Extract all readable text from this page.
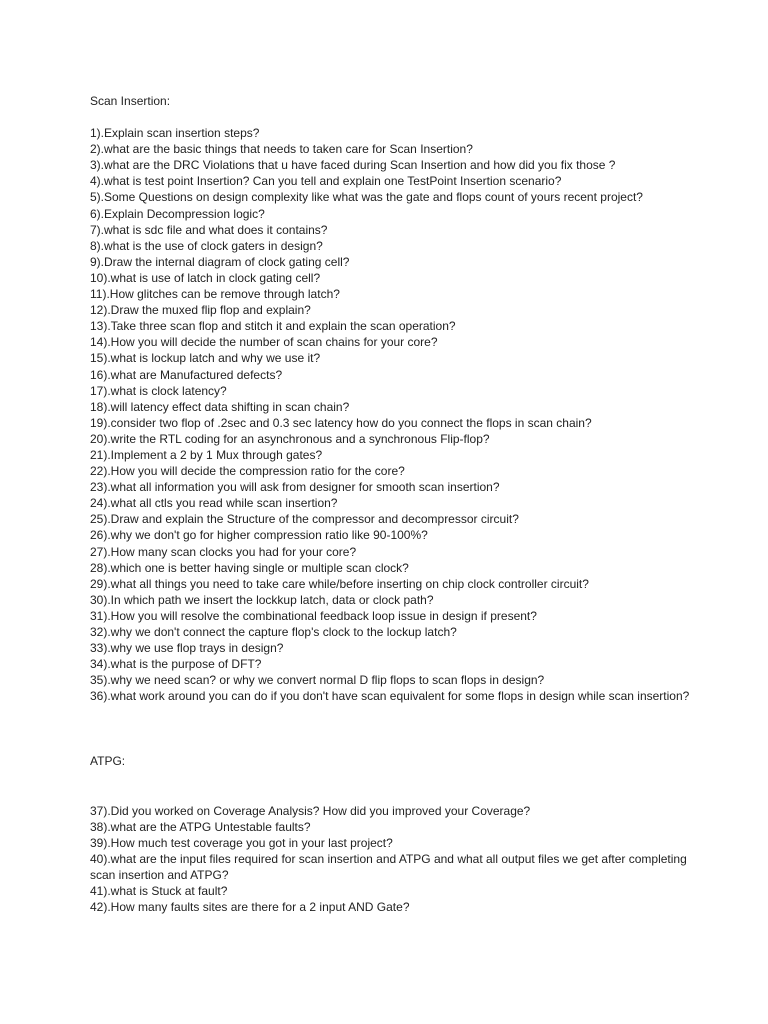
Scan Insertion:
1).Explain scan insertion steps?
2).what are the basic things that needs to taken care for Scan Insertion?
3).what are the DRC Violations that u have faced during Scan Insertion and how did you fix those ?
4).what is test point Insertion? Can you tell and explain one TestPoint Insertion scenario?
5).Some Questions on design complexity like what was the gate and flops count of yours recent project?
6).Explain Decompression logic?
7).what is sdc file and what does it contains?
8).what is the use of clock gaters in design?
9).Draw the internal diagram of clock gating cell?
10).what is use of latch in clock gating cell?
11).How glitches can be remove through latch?
12).Draw the muxed flip flop and explain?
13).Take three scan flop and stitch it and explain the scan operation?
14).How you will decide the number of scan chains for your core?
15).what is lockup latch and why we use it?
16).what are Manufactured defects?
17).what is clock latency?
18).will latency effect data shifting in scan chain?
19).consider two flop of .2sec and 0.3 sec latency how do you connect the flops in scan chain?
20).write the RTL coding for an asynchronous and a synchronous Flip-flop?
21).Implement a 2 by 1 Mux through gates?
22).How you will decide the compression ratio for the core?
23).what all information you will ask from designer for smooth scan insertion?
24).what all ctls you read while scan insertion?
25).Draw and explain the Structure of the compressor and decompressor circuit?
26).why we don't go for higher compression ratio like 90-100%?
27).How many scan clocks you had for your core?
28).which one is better having single or multiple scan clock?
29).what all things you need to take care while/before inserting on chip clock controller circuit?
30).In which path we insert the lockkup latch, data or clock path?
31).How you will resolve the combinational feedback loop issue in design if present?
32).why we don't connect the capture flop's clock to the lockup latch?
33).why we use flop trays in design?
34).what is the purpose of DFT?
35).why we need scan? or why we convert normal D flip flops to scan flops in design?
36).what work around you can do if you don't have scan equivalent for some flops in design while scan insertion?
ATPG:
37).Did you worked on Coverage Analysis? How did you improved your Coverage?
38).what are the ATPG Untestable faults?
39).How much test coverage you got in your last project?
40).what are the input files required for scan insertion and ATPG and what all output files we get after completing scan insertion and ATPG?
41).what is Stuck at fault?
42).How many faults sites are there for a 2 input AND Gate?
